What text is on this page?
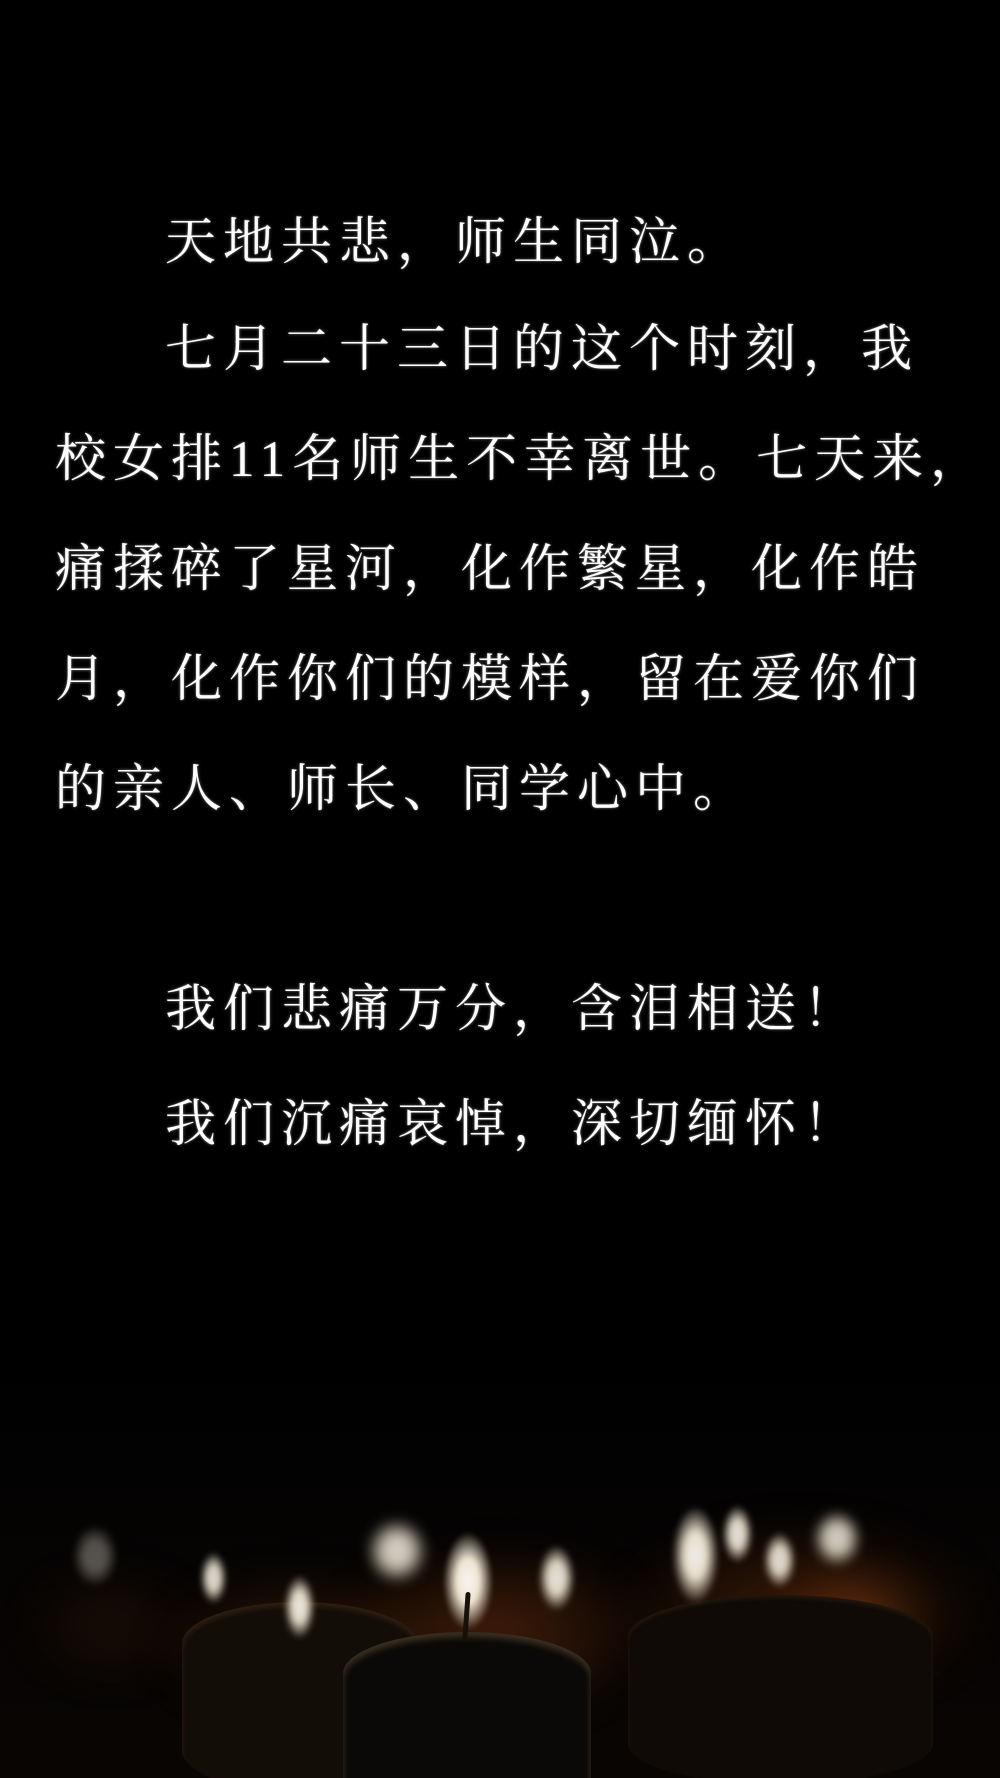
天地共悲，师生同泣。
七月二十三日的这个时刻，我
校女排11名师生不幸离世。七天来，
痛揉碎了星河，化作繁星，化作皓
月，化作你们的模样，留在爱你们
的亲人、师长、同学心中。
我们悲痛万分，含泪相送！
我们沉痛哀悼，深切缅怀！
